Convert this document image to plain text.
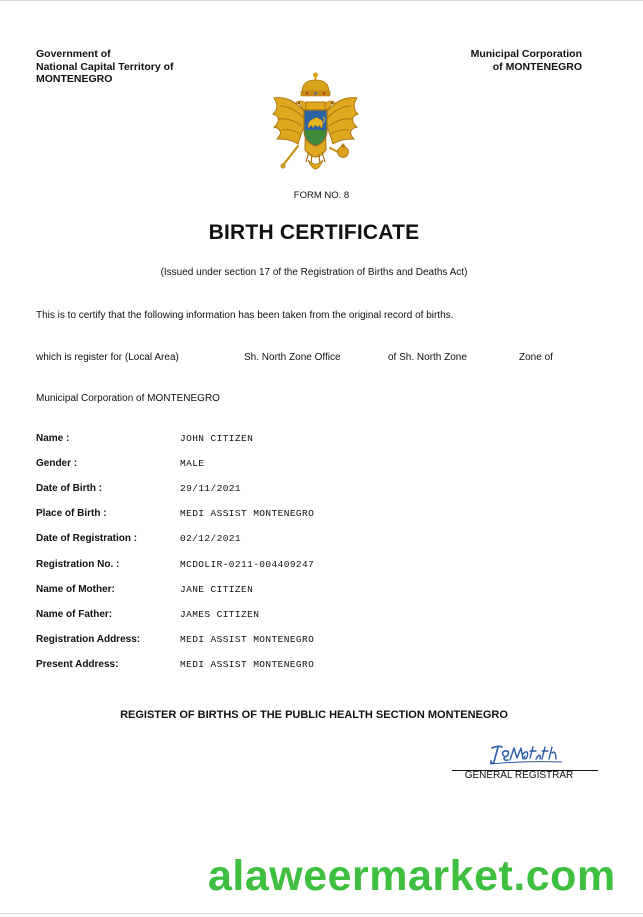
Government of
National Capital Territory of
MONTENEGRO
Municipal Corporation
of MONTENEGRO
FORM NO. 8
BIRTH CERTIFICATE
(Issued under section 17 of the Registration of Births and Deaths Act)
This is to certify that the following information has been taken from the original record of births.
which is register for (Local Area)	Sh. North Zone Office	of Sh. North Zone	Zone of
Municipal Corporation of MONTENEGRO
Name :	JOHN CITIZEN
Gender :	MALE
Date of Birth :	29/11/2021
Place of Birth :	MEDI ASSIST MONTENEGRO
Date of Registration :	02/12/2021
Registration No. :	MCDOLIR-0211-004409247
Name of Mother:	JANE CITIZEN
Name of Father:	JAMES CITIZEN
Registration Address:	MEDI ASSIST MONTENEGRO
Present Address:	MEDI ASSIST MONTENEGRO
REGISTER OF BIRTHS OF THE PUBLIC HEALTH SECTION MONTENEGRO
GENERAL REGISTRAR
alaweermarket.com
